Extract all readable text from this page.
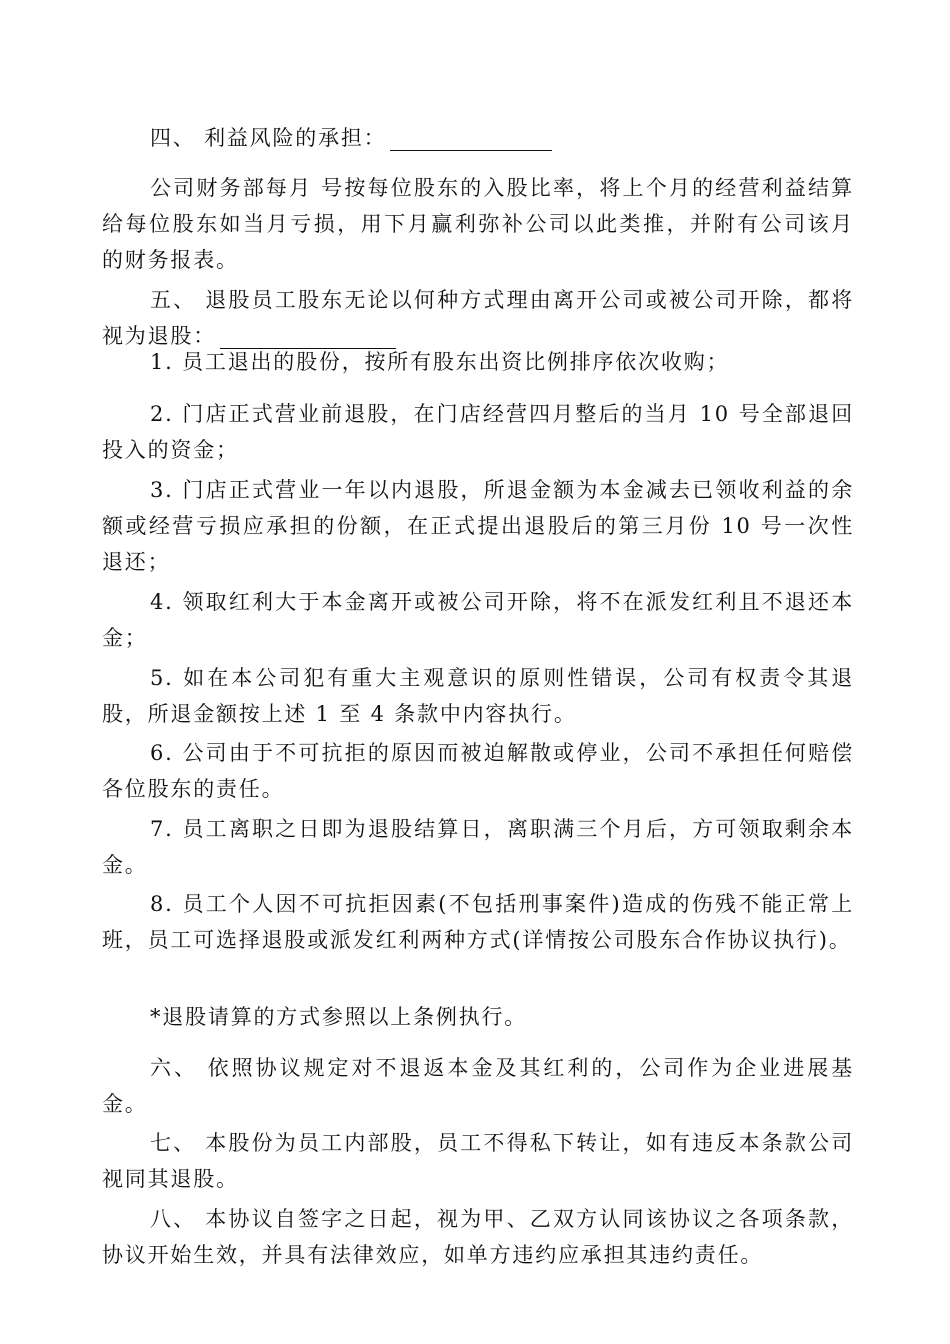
四、 利益风险的承担：

公司财务部每月 号按每位股东的入股比率，将上个月的经营利益结算给每位股东如当月亏损，用下月赢利弥补公司以此类推，并附有公司该月的财务报表。

五、 退股员工股东无论以何种方式理由离开公司或被公司开除，都将视为退股：

1. 员工退出的股份，按所有股东出资比例排序依次收购；

2. 门店正式营业前退股，在门店经营四月整后的当月 10 号全部退回投入的资金；

3. 门店正式营业一年以内退股，所退金额为本金减去已领收利益的余额或经营亏损应承担的份额，在正式提出退股后的第三月份 10 号一次性退还；

4. 领取红利大于本金离开或被公司开除，将不在派发红利且不退还本金；

5. 如在本公司犯有重大主观意识的原则性错误，公司有权责令其退股，所退金额按上述 1 至 4 条款中内容执行。

6. 公司由于不可抗拒的原因而被迫解散或停业，公司不承担任何赔偿各位股东的责任。

7. 员工离职之日即为退股结算日，离职满三个月后，方可领取剩余本金。

8. 员工个人因不可抗拒因素(不包括刑事案件)造成的伤残不能正常上班，员工可选择退股或派发红利两种方式(详情按公司股东合作协议执行)。

*退股请算的方式参照以上条例执行。

六、 依照协议规定对不退返本金及其红利的，公司作为企业进展基金。

七、 本股份为员工内部股，员工不得私下转让，如有违反本条款公司视同其退股。

八、 本协议自签字之日起，视为甲、乙双方认同该协议之各项条款，协议开始生效，并具有法律效应，如单方违约应承担其违约责任。
